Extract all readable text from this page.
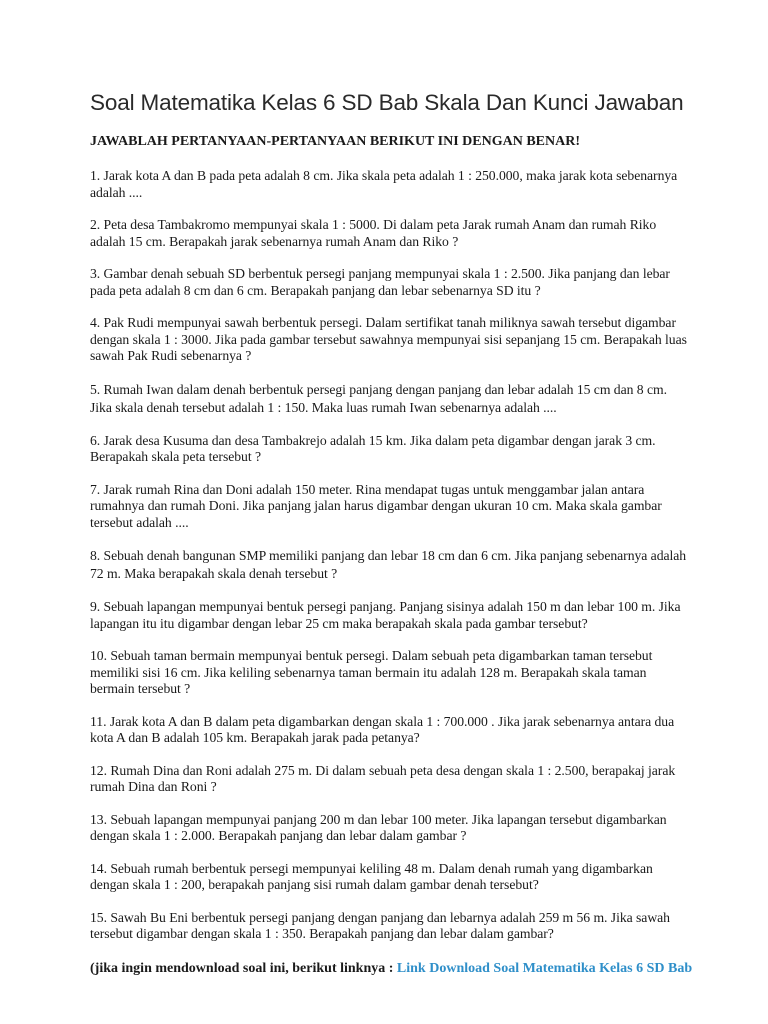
Soal Matematika Kelas 6 SD Bab Skala Dan Kunci Jawaban

JAWABLAH PERTANYAAN-PERTANYAAN BERIKUT INI DENGAN BENAR!

1. Jarak kota A dan B pada peta adalah 8 cm. Jika skala peta adalah 1 : 250.000, maka jarak kota sebenarnya adalah ....

2. Peta desa Tambakromo mempunyai skala 1 : 5000. Di dalam peta Jarak rumah Anam dan rumah Riko adalah 15 cm. Berapakah jarak sebenarnya rumah Anam dan Riko ?

3. Gambar denah sebuah SD berbentuk persegi panjang mempunyai skala 1 : 2.500. Jika panjang dan lebar pada peta adalah 8 cm dan 6 cm. Berapakah panjang dan lebar sebenarnya SD itu ?

4. Pak Rudi mempunyai sawah berbentuk persegi. Dalam sertifikat tanah miliknya sawah tersebut digambar dengan skala 1 : 3000. Jika pada gambar tersebut sawahnya mempunyai sisi sepanjang 15 cm. Berapakah luas sawah Pak Rudi sebenarnya ?

5. Rumah Iwan dalam denah berbentuk persegi panjang dengan panjang dan lebar adalah 15 cm dan 8 cm. Jika skala denah tersebut adalah 1 : 150. Maka luas rumah Iwan sebenarnya adalah ....

6. Jarak desa Kusuma dan desa Tambakrejo adalah 15 km. Jika dalam peta digambar dengan jarak 3 cm. Berapakah skala peta tersebut ?

7. Jarak rumah Rina dan Doni adalah 150 meter. Rina mendapat tugas untuk menggambar jalan antara rumahnya dan rumah Doni. Jika panjang jalan harus digambar dengan ukuran 10 cm. Maka skala gambar tersebut adalah ....

8. Sebuah denah bangunan SMP memiliki panjang dan lebar 18 cm dan 6 cm. Jika panjang sebenarnya adalah 72 m. Maka berapakah skala denah tersebut ?

9. Sebuah lapangan mempunyai bentuk persegi panjang. Panjang sisinya adalah 150 m dan lebar 100 m. Jika lapangan itu itu digambar dengan lebar 25 cm maka berapakah skala pada gambar tersebut?

10. Sebuah taman bermain mempunyai bentuk persegi. Dalam sebuah peta digambarkan taman tersebut memiliki sisi 16 cm. Jika keliling sebenarnya taman bermain itu adalah 128 m. Berapakah skala taman bermain tersebut ?

11. Jarak kota A dan B dalam peta digambarkan dengan skala 1 : 700.000 . Jika jarak sebenarnya antara dua kota A dan B adalah 105 km. Berapakah jarak pada petanya?

12. Rumah Dina dan Roni adalah 275 m. Di dalam sebuah peta desa dengan skala 1 : 2.500, berapakaj jarak rumah Dina dan Roni ?

13. Sebuah lapangan mempunyai panjang 200 m dan lebar 100 meter. Jika lapangan tersebut digambarkan dengan skala 1 : 2.000. Berapakah panjang dan lebar dalam gambar ?

14. Sebuah rumah berbentuk persegi mempunyai keliling 48 m. Dalam denah rumah yang digambarkan dengan skala 1 : 200, berapakah panjang sisi rumah dalam gambar denah tersebut?

15. Sawah Bu Eni berbentuk persegi panjang dengan panjang dan lebarnya adalah 259 m 56 m. Jika sawah tersebut digambar dengan skala 1 : 350. Berapakah panjang dan lebar dalam gambar?

(jika ingin mendownload soal ini, berikut linknya : Link Download Soal Matematika Kelas 6 SD Bab
